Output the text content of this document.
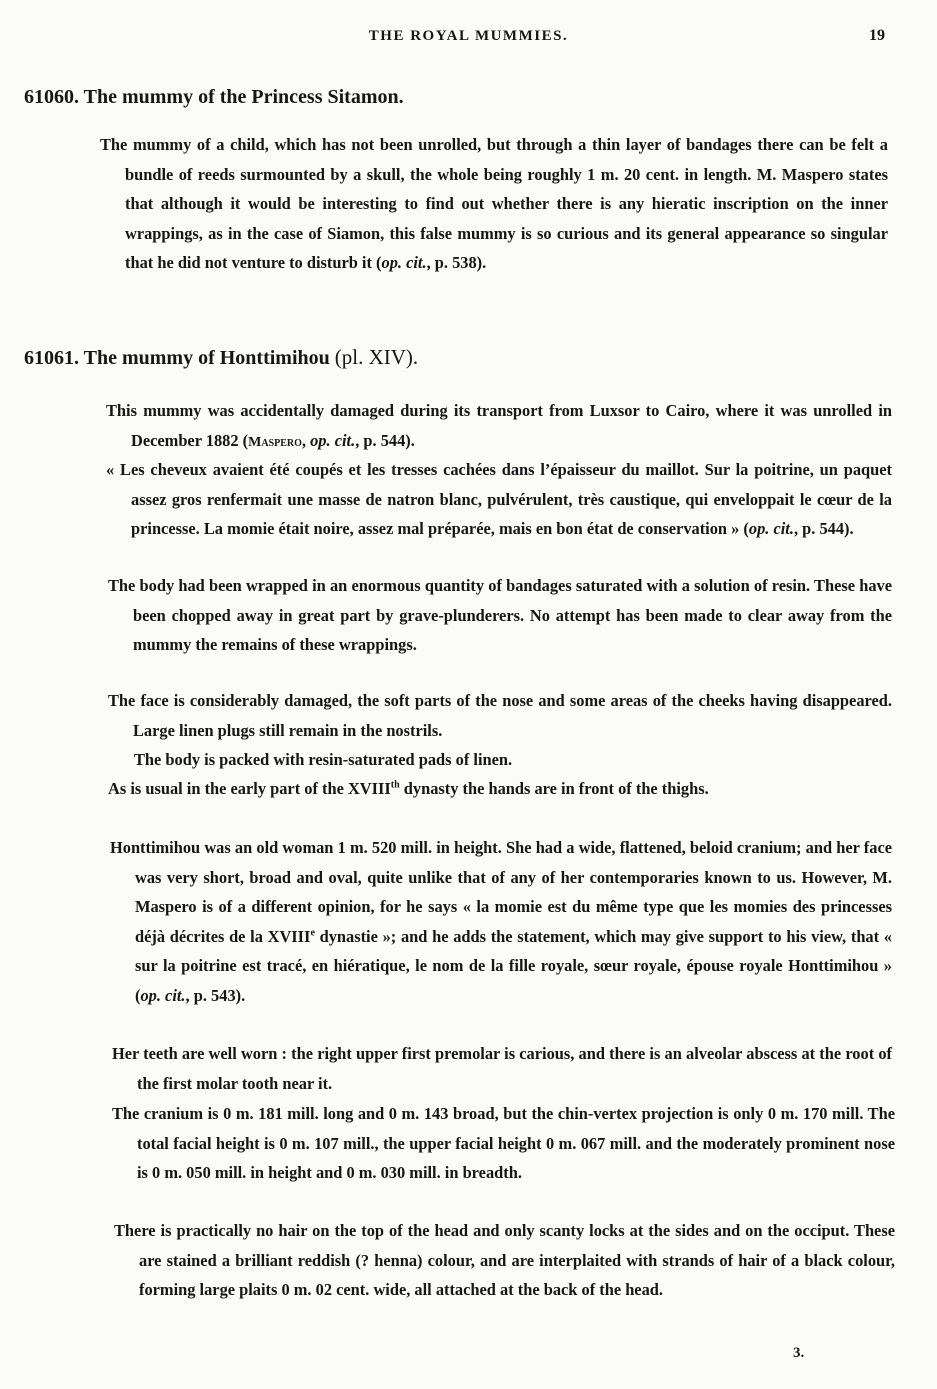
THE ROYAL MUMMIES.	19
61060. The mummy of the Princess Sitamon.

The mummy of a child, which has not been unrolled, but through a thin layer of bandages there can be felt a bundle of reeds surmounted by a skull, the whole being roughly 1 m. 20 cent. in length. M. Maspero states that although it would be interesting to find out whether there is any hieratic inscription on the inner wrappings, as in the case of Siamon, this false mummy is so curious and its general appearance so singular that he did not venture to disturb it (op. cit., p. 538).

61061. The mummy of Honttimihou (pl. XIV).

This mummy was accidentally damaged during its transport from Luxsor to Cairo, where it was unrolled in December 1882 (Maspero, op. cit., p. 544).

« Les cheveux avaient été coupés et les tresses cachées dans l’épaisseur du maillot. Sur la poitrine, un paquet assez gros renfermait une masse de natron blanc, pulvérulent, très caustique, qui enveloppait le cœur de la princesse. La momie était noire, assez mal préparée, mais en bon état de conservation » (op. cit., p. 544).

The body had been wrapped in an enormous quantity of bandages saturated with a solution of resin. These have been chopped away in great part by grave-plunderers. No attempt has been made to clear away from the mummy the remains of these wrappings.

The face is considerably damaged, the soft parts of the nose and some areas of the cheeks having disappeared. Large linen plugs still remain in the nostrils.

The body is packed with resin-saturated pads of linen.

As is usual in the early part of the XVIIIth dynasty the hands are in front of the thighs.

Honttimihou was an old woman 1 m. 520 mill. in height. She had a wide, flattened, beloid cranium; and her face was very short, broad and oval, quite unlike that of any of her contemporaries known to us. However, M. Maspero is of a different opinion, for he says « la momie est du même type que les momies des princesses déjà décrites de la XVIIIe dynastie »; and he adds the statement, which may give support to his view, that « sur la poitrine est tracé, en hiératique, le nom de la fille royale, sœur royale, épouse royale Honttimihou » (op. cit., p. 543).

Her teeth are well worn : the right upper first premolar is carious, and there is an alveolar abscess at the root of the first molar tooth near it.

The cranium is 0 m. 181 mill. long and 0 m. 143 broad, but the chin-vertex projection is only 0 m. 170 mill. The total facial height is 0 m. 107 mill., the upper facial height 0 m. 067 mill. and the moderately prominent nose is 0 m. 050 mill. in height and 0 m. 030 mill. in breadth.

There is practically no hair on the top of the head and only scanty locks at the sides and on the occiput. These are stained a brilliant reddish (? henna) colour, and are interplaited with strands of hair of a black colour, forming large plaits 0 m. 02 cent. wide, all attached at the back of the head.

3.
